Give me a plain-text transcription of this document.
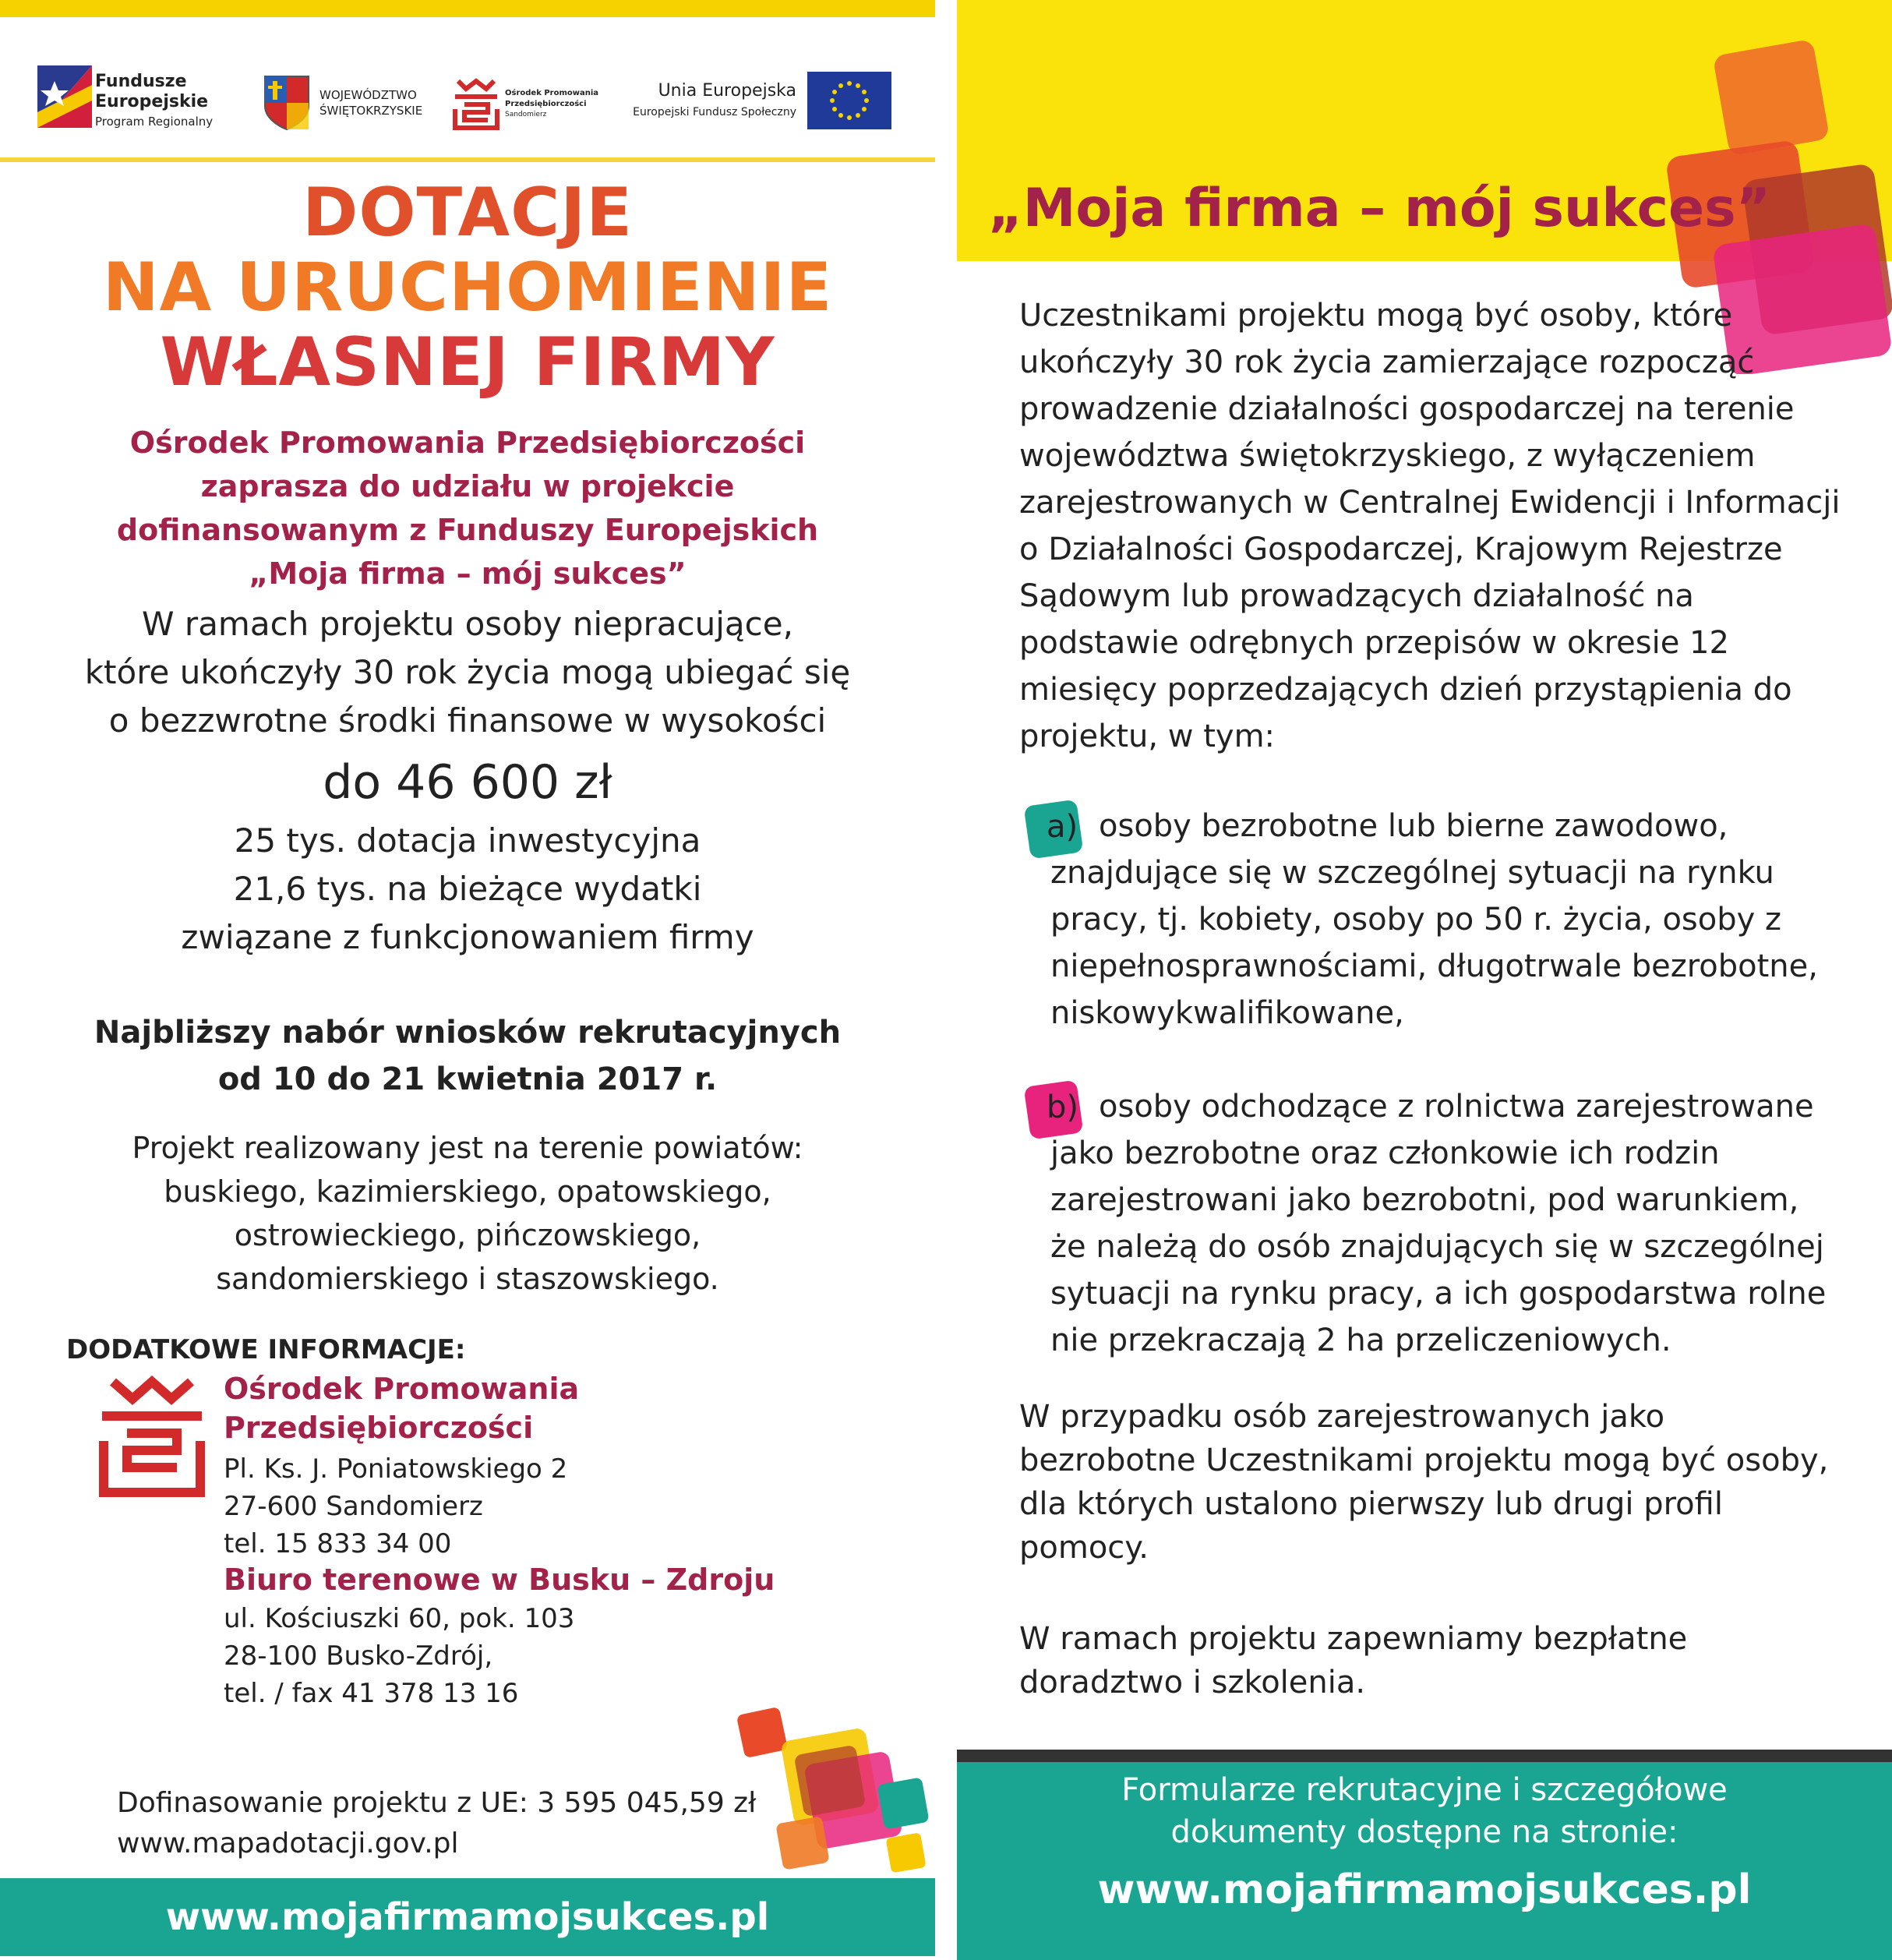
Fundusze
Europejskie
Program Regionalny
WOJEWÓDZTWO
ŚWIĘTOKRZYSKIE
Ośrodek Promowania
Przedsiębiorczości
Sandomierz
Unia Europejska
Europejski Fundusz Społeczny
DOTACJE
NA URUCHOMIENIE
WŁASNEJ FIRMY
Ośrodek Promowania Przedsiębiorczości
zaprasza do udziału w projekcie
dofinansowanym z Funduszy Europejskich
„Moja firma – mój sukces”
W ramach projektu osoby niepracujące,
które ukończyły 30 rok życia mogą ubiegać się
o bezzwrotne środki finansowe w wysokości
do 46 600 zł
25 tys. dotacja inwestycyjna
21,6 tys. na bieżące wydatki
związane z funkcjonowaniem firmy
Najbliższy nabór wniosków rekrutacyjnych
od 10 do 21 kwietnia 2017 r.
Projekt realizowany jest na terenie powiatów:
buskiego, kazimierskiego, opatowskiego,
ostrowieckiego, pińczowskiego,
sandomierskiego i staszowskiego.
DODATKOWE INFORMACJE:
Ośrodek Promowania
Przedsiębiorczości
Pl. Ks. J. Poniatowskiego 2
27-600 Sandomierz
tel. 15 833 34 00
Biuro terenowe w Busku – Zdroju
ul. Kościuszki 60, pok. 103
28-100 Busko-Zdrój,
tel. / fax 41 378 13 16
Dofinasowanie projektu z UE: 3 595 045,59 zł
www.mapadotacji.gov.pl
www.mojafirmamojsukces.pl
„Moja firma – mój sukces”
Uczestnikami projektu mogą być osoby, które
ukończyły 30 rok życia zamierzające rozpocząć
prowadzenie działalności gospodarczej na terenie
województwa świętokrzyskiego, z wyłączeniem
zarejestrowanych w Centralnej Ewidencji i Informacji
o Działalności Gospodarczej, Krajowym Rejestrze
Sądowym lub prowadzących działalność na
podstawie odrębnych przepisów w okresie 12
miesięcy poprzedzających dzień przystąpienia do
projektu, w tym:
a) osoby bezrobotne lub bierne zawodowo,
znajdujące się w szczególnej sytuacji na rynku
pracy, tj. kobiety, osoby po 50 r. życia, osoby z
niepełnosprawnościami, długotrwale bezrobotne,
niskowykwalifikowane,
b) osoby odchodzące z rolnictwa zarejestrowane
jako bezrobotne oraz członkowie ich rodzin
zarejestrowani jako bezrobotni, pod warunkiem,
że należą do osób znajdujących się w szczególnej
sytuacji na rynku pracy, a ich gospodarstwa rolne
nie przekraczają 2 ha przeliczeniowych.
W przypadku osób zarejestrowanych jako
bezrobotne Uczestnikami projektu mogą być osoby,
dla których ustalono pierwszy lub drugi profil
pomocy.
W ramach projektu zapewniamy bezpłatne
doradztwo i szkolenia.
Formularze rekrutacyjne i szczegółowe
dokumenty dostępne na stronie:
www.mojafirmamojsukces.pl
